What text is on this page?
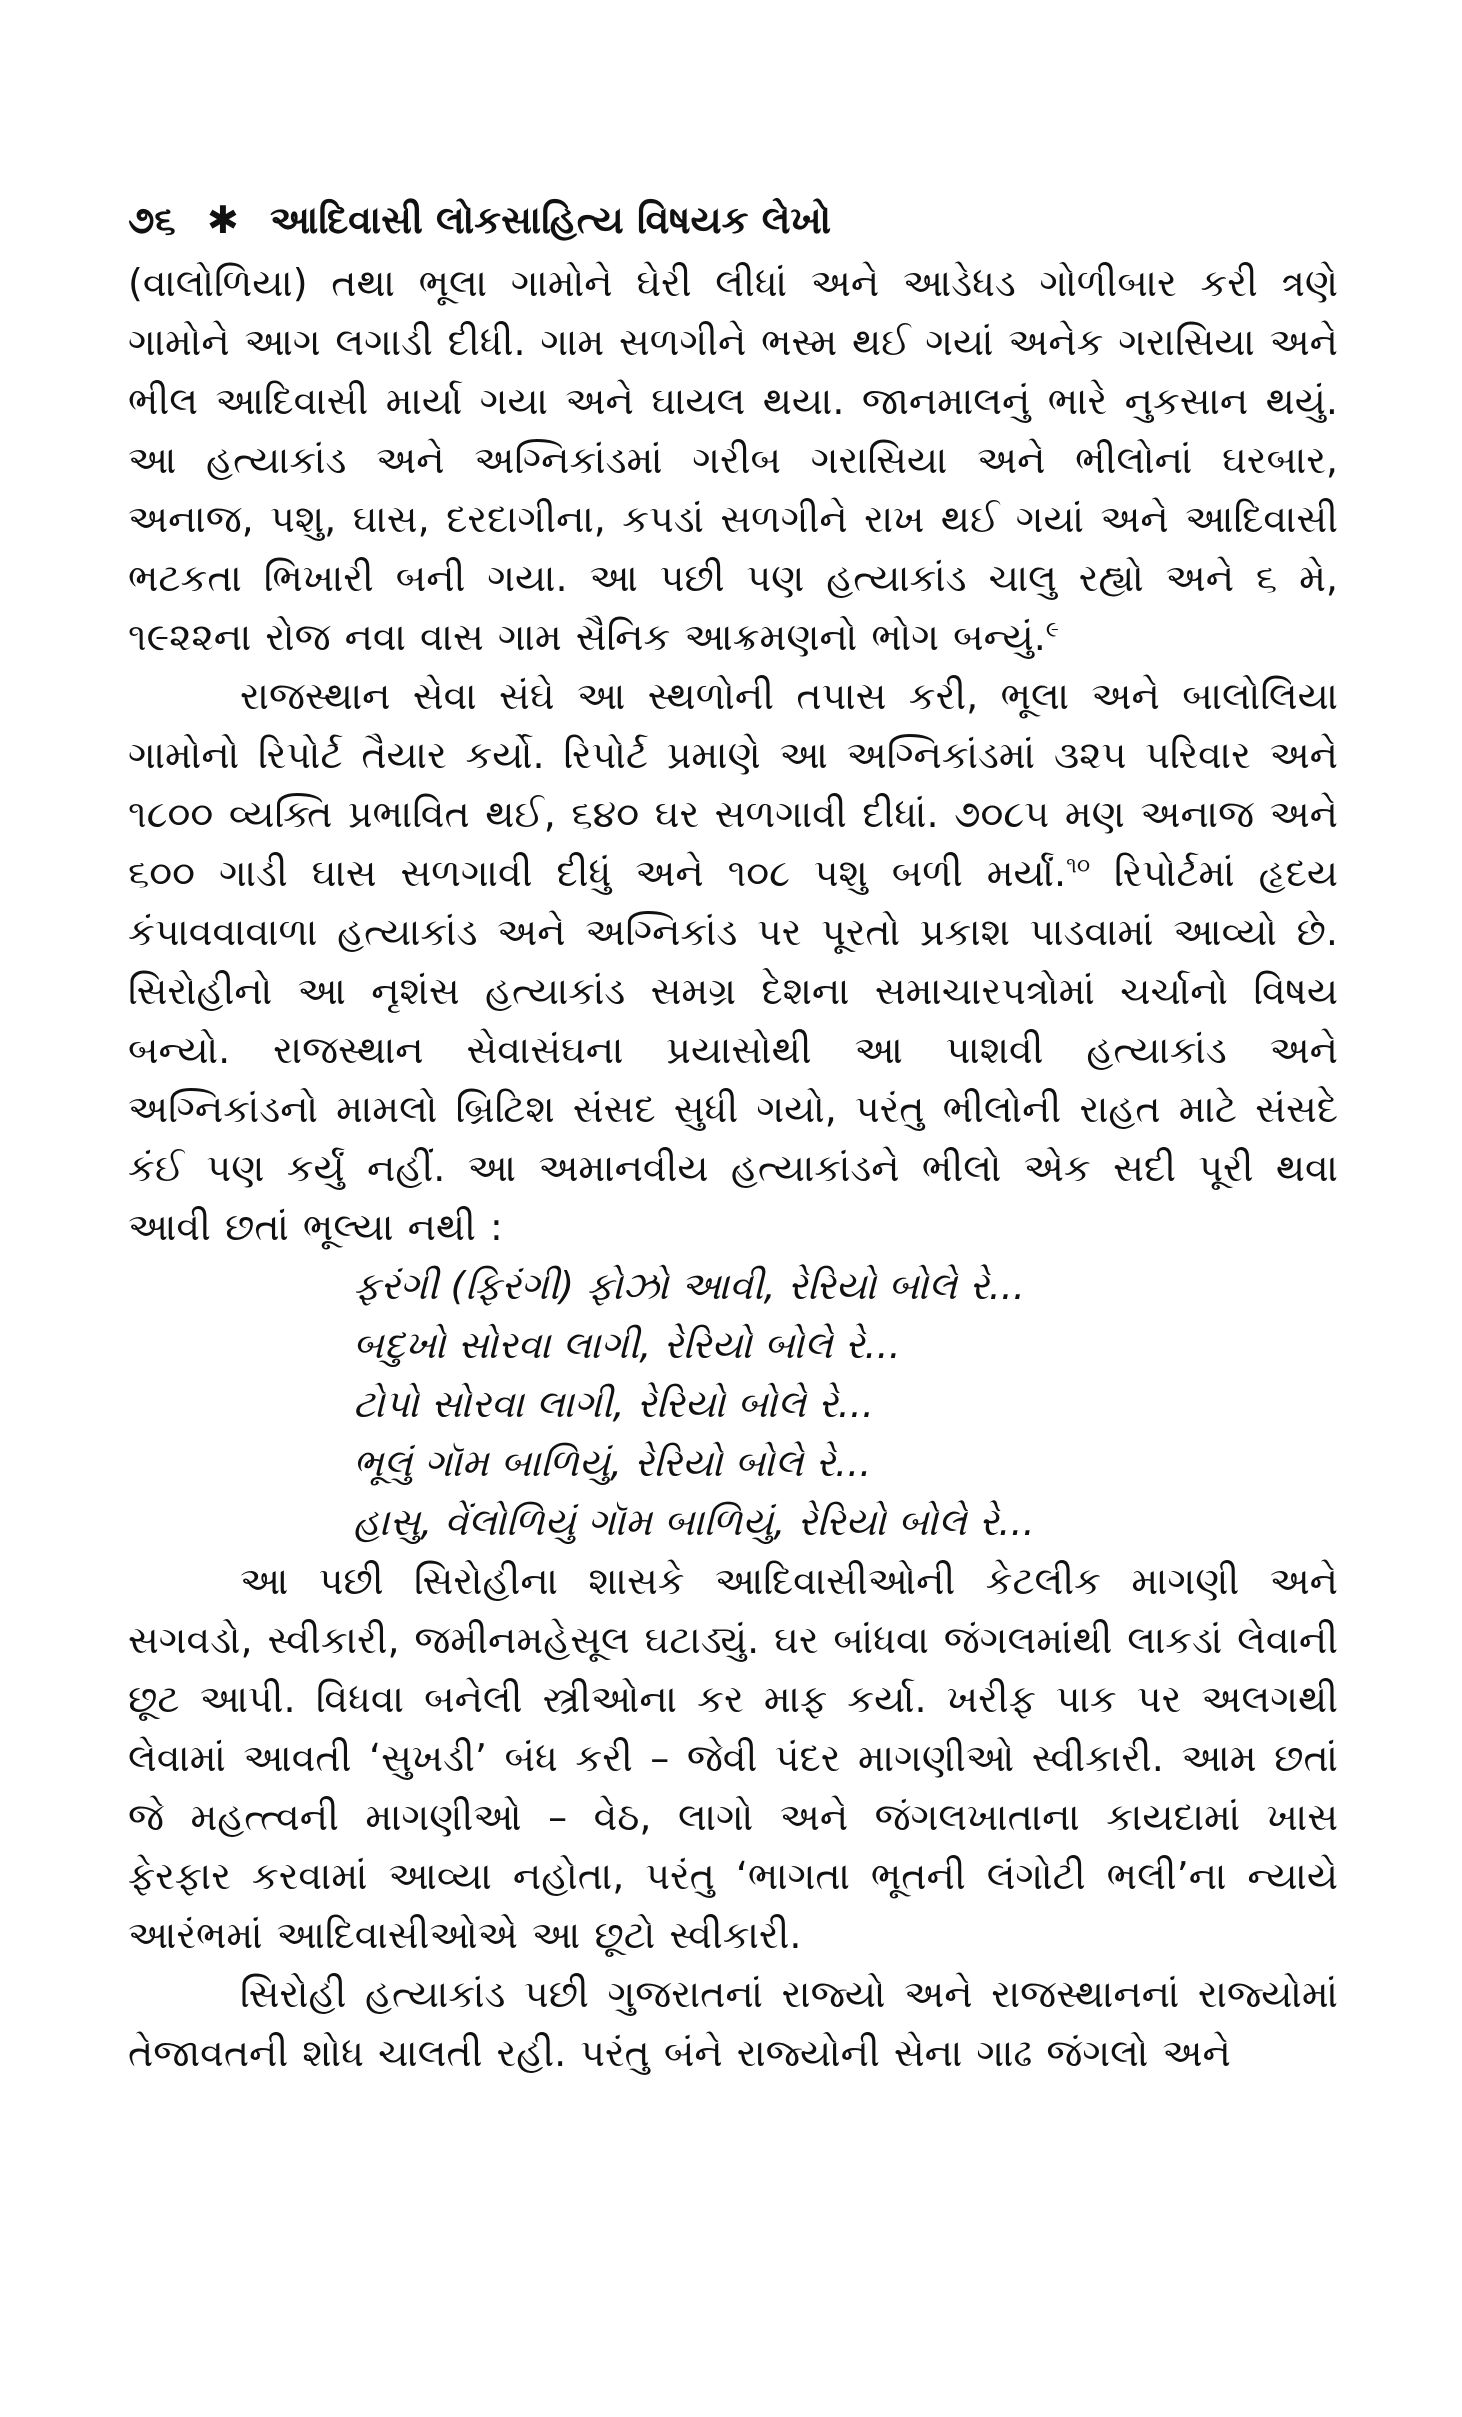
૭૬ ✱ આદિવાસી લોકસાહિત્ય વિષયક લેખો

(વાલોળિયા) તથા ભૂલા ગામોને ઘેરી લીધાં અને આડેધડ ગોળીબાર કરી ત્રણે ગામોને આગ લગાડી દીધી. ગામ સળગીને ભસ્મ થઈ ગયાં અનેક ગરાસિયા અને ભીલ આદિવાસી માર્યા ગયા અને ઘાયલ થયા. જાનમાલનું ભારે નુકસાન થયું. આ હત્યાકાંડ અને અગ્નિકાંડમાં ગરીબ ગરાસિયા અને ભીલોનાં ઘરબાર, અનાજ, પશુ, ઘાસ, દરદાગીના, કપડાં સળગીને રાખ થઈ ગયાં અને આદિવાસી ભટકતા ભિખારી બની ગયા. આ પછી પણ હત્યાકાંડ ચાલુ રહ્યો અને ૬ મે, ૧૯૨૨ના રોજ નવા વાસ ગામ સૈનિક આક્રમણનો ભોગ બન્યું.$^૯$

રાજસ્થાન સેવા સંઘે આ સ્થળોની તપાસ કરી, ભૂલા અને બાલોલિયા ગામોનો રિપોર્ટ તૈયાર કર્યો. રિપોર્ટ પ્રમાણે આ અગ્નિકાંડમાં ૩૨૫ પરિવાર અને ૧૮૦૦ વ્યક્તિ પ્રભાવિત થઈ, ૬૪૦ ઘર સળગાવી દીધાં. ૭૦૮૫ મણ અનાજ અને ૬૦૦ ગાડી ઘાસ સળગાવી દીધું અને ૧૦૮ પશુ બળી મર્યાં.$^{૧૦}$ રિપોર્ટમાં હૃદય કંપાવવાવાળા હત્યાકાંડ અને અગ્નિકાંડ પર પૂરતો પ્રકાશ પાડવામાં આવ્યો છે. સિરોહીનો આ નૃશંસ હત્યાકાંડ સમગ્ર દેશના સમાચારપત્રોમાં ચર્ચાનો વિષય બન્યો. રાજસ્થાન સેવાસંઘના પ્રયાસોથી આ પાશવી હત્યાકાંડ અને અગ્નિકાંડનો મામલો બ્રિટિશ સંસદ સુધી ગયો, પરંતુ ભીલોની રાહત માટે સંસદે કંઈ પણ કર્યું નહીં. આ અમાનવીય હત્યાકાંડને ભીલો એક સદી પૂરી થવા આવી છતાં ભૂલ્યા નથી :

ફરંગી (ફિરંગી) ફોઝો આવી, રેરિયો બોલે રે...
બદુખો સોરવા લાગી, રેરિયો બોલે રે...
ટોપો સોરવા લાગી, રેરિયો બોલે રે...
ભૂલું ગૉમ બાળિયું, રેરિયો બોલે રે...
હાસુ, વેંલોળિયું ગૉમ બાળિયું, રેરિયો બોલે રે...

આ પછી સિરોહીના શાસકે આદિવાસીઓની કેટલીક માગણી અને સગવડો, સ્વીકારી, જમીનમહેસૂલ ઘટાડ્યું. ઘર બાંધવા જંગલમાંથી લાકડાં લેવાની છૂટ આપી. વિધવા બનેલી સ્ત્રીઓના કર માફ કર્યા. ખરીફ પાક પર અલગથી લેવામાં આવતી ‘સુખડી’ બંધ કરી – જેવી પંદર માગણીઓ સ્વીકારી. આમ છતાં જે મહત્ત્વની માગણીઓ – વેઠ, લાગો અને જંગલખાતાના કાયદામાં ખાસ ફેરફાર કરવામાં આવ્યા નહોતા, પરંતુ ‘ભાગતા ભૂતની લંગોટી ભલી’ના ન્યાયે આરંભમાં આદિવાસીઓએ આ છૂટો સ્વીકારી.

સિરોહી હત્યાકાંડ પછી ગુજરાતનાં રાજ્યો અને રાજસ્થાનનાં રાજ્યોમાં તેજાવતની શોધ ચાલતી રહી. પરંતુ બંને રાજ્યોની સેના ગાઢ જંગલો અને
